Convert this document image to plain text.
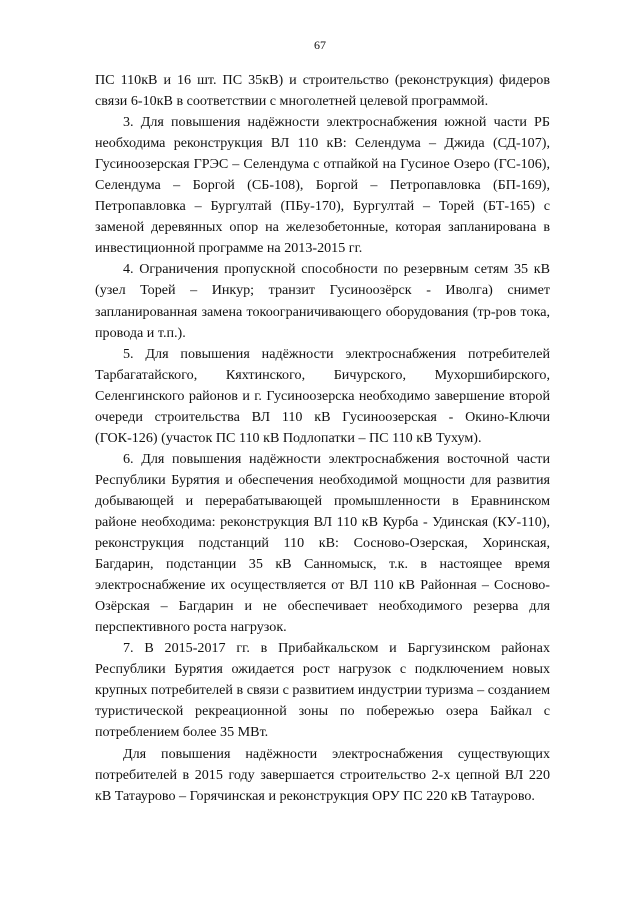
67

ПС 110кВ и 16 шт. ПС 35кВ) и строительство (реконструкция) фидеров связи 6-10кВ в соответствии с многолетней целевой программой.

3. Для повышения надёжности электроснабжения южной части РБ необходима реконструкция ВЛ 110 кВ: Селендума – Джида (СД-107), Гусиноозерская ГРЭС – Селендума с отпайкой на Гусиное Озеро (ГС-106), Селендума – Боргой (СБ-108), Боргой – Петропавловка (БП-169), Петропавловка – Бургултай (ПБу-170), Бургултай – Торей (БТ-165) с заменой деревянных опор на железобетонные, которая запланирована в инвестиционной программе на 2013-2015 гг.

4. Ограничения пропускной способности по резервным сетям 35 кВ (узел Торей – Инкур; транзит Гусиноозёрск - Иволга) снимет запланированная замена токоограничивающего оборудования (тр-ров тока, провода и т.п.).

5. Для повышения надёжности электроснабжения потребителей Тарбагатайского, Кяхтинского, Бичурского, Мухоршибирского, Селенгинского районов и г. Гусиноозерска необходимо завершение второй очереди строительства ВЛ 110 кВ Гусиноозерская - Окино-Ключи (ГОК-126) (участок ПС 110 кВ Подлопатки – ПС 110 кВ Тухум).

6. Для повышения надёжности электроснабжения восточной части Республики Бурятия и обеспечения необходимой мощности для развития добывающей и перерабатывающей промышленности в Еравнинском районе необходима: реконструкция ВЛ 110 кВ Курба - Удинская (КУ-110), реконструкция подстанций 110 кВ: Сосново-Озерская, Хоринская, Багдарин, подстанции 35 кВ Санномыск, т.к. в настоящее время электроснабжение их осуществляется от ВЛ 110 кВ Районная – Сосново-Озёрская – Багдарин и не обеспечивает необходимого резерва для перспективного роста нагрузок.

7. В 2015-2017 гг. в Прибайкальском и Баргузинском районах Республики Бурятия ожидается рост нагрузок с подключением новых крупных потребителей в связи с развитием индустрии туризма – созданием туристической рекреационной зоны по побережью озера Байкал с потреблением более 35 МВт.

Для повышения надёжности электроснабжения существующих потребителей в 2015 году завершается строительство 2-х цепной ВЛ 220 кВ Татаурово – Горячинская и реконструкция ОРУ ПС 220 кВ Татаурово.
